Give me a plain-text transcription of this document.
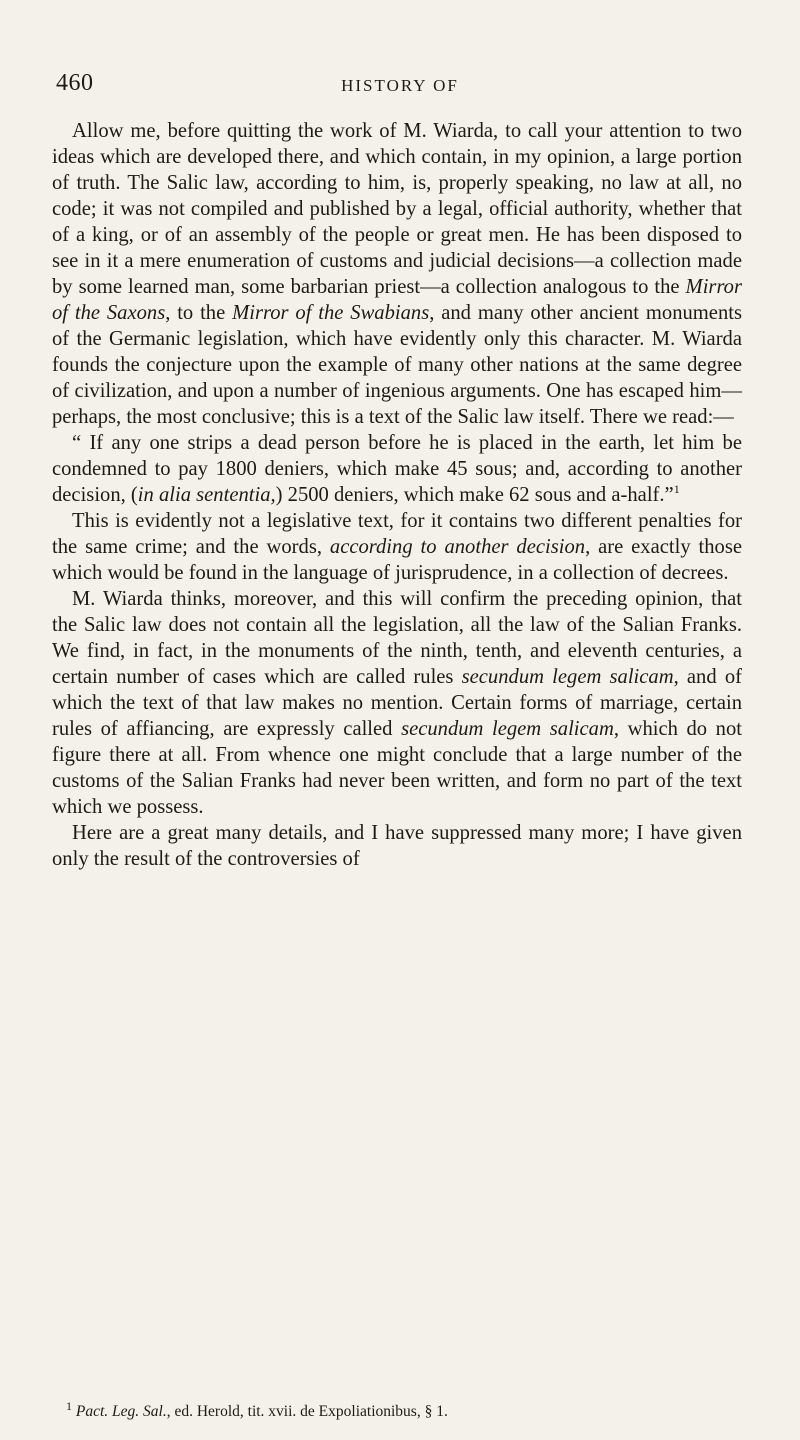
460	HISTORY OF

Allow me, before quitting the work of M. Wiarda, to call your attention to two ideas which are developed there, and which contain, in my opinion, a large portion of truth. The Salic law, according to him, is, properly speaking, no law at all, no code; it was not compiled and published by a legal, official authority, whether that of a king, or of an assembly of the people or great men. He has been disposed to see in it a mere enumeration of customs and judicial decisions—a collection made by some learned man, some barbarian priest—a collection analogous to the Mirror of the Saxons, to the Mirror of the Swabians, and many other ancient monuments of the Germanic legislation, which have evidently only this character. M. Wiarda founds the conjecture upon the example of many other nations at the same degree of civilization, and upon a number of ingenious arguments. One has escaped him—perhaps, the most conclusive; this is a text of the Salic law itself. There we read:—

“ If any one strips a dead person before he is placed in the earth, let him be condemned to pay 1800 deniers, which make 45 sous; and, according to another decision, (in alia sententia,) 2500 deniers, which make 62 sous and a-half.”$^1$

This is evidently not a legislative text, for it contains two different penalties for the same crime; and the words, according to another decision, are exactly those which would be found in the language of jurisprudence, in a collection of decrees.

M. Wiarda thinks, moreover, and this will confirm the preceding opinion, that the Salic law does not contain all the legislation, all the law of the Salian Franks. We find, in fact, in the monuments of the ninth, tenth, and eleventh centuries, a certain number of cases which are called rules secundum legem salicam, and of which the text of that law makes no mention. Certain forms of marriage, certain rules of affiancing, are expressly called secundum legem salicam, which do not figure there at all. From whence one might conclude that a large number of the customs of the Salian Franks had never been written, and form no part of the text which we possess.

Here are a great many details, and I have suppressed many more; I have given only the result of the controversies of

$^1$ Pact. Leg. Sal., ed. Herold, tit. xvii. de Expoliationibus, § 1.
